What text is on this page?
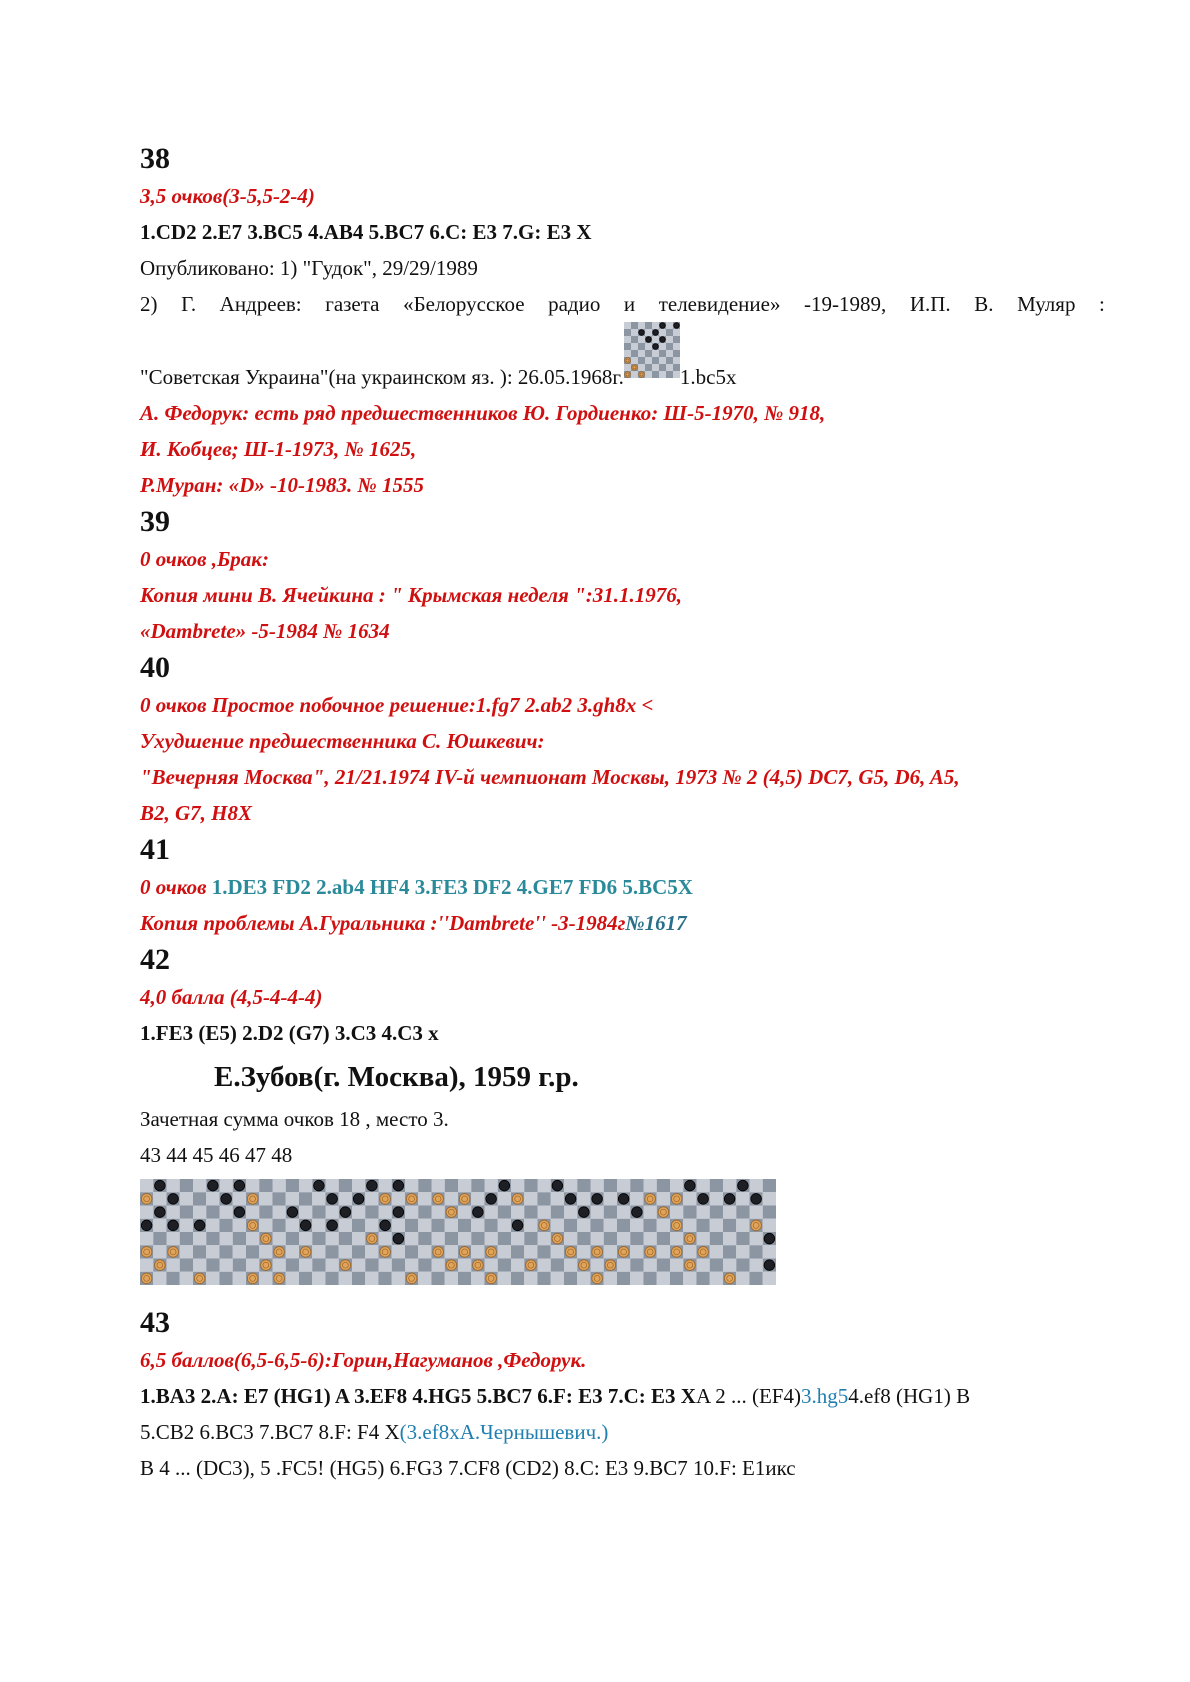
38

3,5 очков(3-5,5-2-4)

1.CD2 2.E7 3.BC5 4.AB4 5.BC7 6.C: E3 7.G: E3 X

Опубликовано: 1) "Гудок", 29/29/1989

2) Г. Андреев: газета «Белорусское радио и телевидение» -19-1989, И.П. В. Муляр :

"Советская Украина"(на украинском яз. ): 26.05.1968г.	1.bc5x

А. Федорук: есть ряд предшественников Ю. Гордиенко: Ш-5-1970, № 918,

И. Кобцев; Ш-1-1973, № 1625,

Р.Муран: «D» -10-1983. № 1555

39

0 очков ,Брак:

Копия мини В. Ячейкина : " Крымская неделя ":31.1.1976,

«Dambrete» -5-1984 № 1634

40

0 очков Простое побочное решение:1.fg7 2.ab2 3.gh8x <

Ухудшение предшественника С. Юшкевич:

"Вечерняя Москва", 21/21.1974 IV-й чемпионат Москвы, 1973 № 2 (4,5) DC7, G5, D6, A5,

B2, G7, H8X

41

0 очков 1.DE3 FD2 2.ab4 HF4 3.FE3 DF2 4.GE7 FD6 5.BC5X

Копия проблемы А.Гуральника :''Dambrete'' -3-1984г№1617

42

4,0 балла (4,5-4-4-4)

1.FE3 (E5) 2.D2 (G7) 3.C3 4.C3 x

Е.Зубов(г. Москва), 1959 г.р.

Зачетная сумма очков 18 , место 3.

43 44 45 46 47 48

43

6,5 баллов(6,5-6,5-6):Горин,Нагуманов ,Федорук.

1.BA3 2.A: E7 (HG1) A 3.EF8 4.HG5 5.BC7 6.F: E3 7.C: E3 XA 2 ... (EF4)3.hg54.ef8 (HG1) B

5.CB2 6.BC3 7.BC7 8.F: F4 X(3.ef8xA.Чернышевич.)

B 4 ... (DC3), 5 .FC5! (HG5) 6.FG3 7.CF8 (CD2) 8.C: E3 9.BC7 10.F: E1икс
